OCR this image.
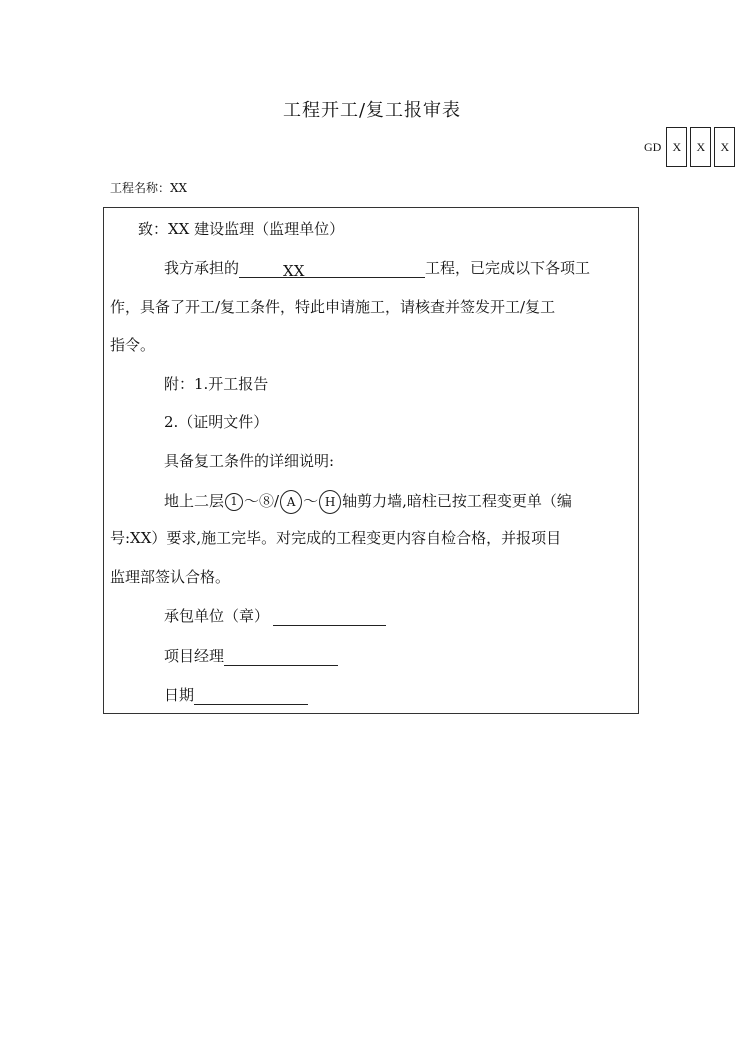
工程开工/复工报审表
GD X	X	X
工程名称：XX
致：XX 建设监理（监理单位）
我方承担的	XX	工程，已完成以下各项工
作，具备了开工/复工条件，特此申请施工，请核查并签发开工/复工
指令。
附：1.开工报告
2.（证明文件）
具备复工条件的详细说明:
地上二层 1 ～⑧/ A ～ H 轴剪力墙,暗柱已按工程变更单（编
号:XX）要求,施工完毕。对完成的工程变更内容自检合格，并报项目
监理部签认合格。
承包单位（章）
项目经理
日期
